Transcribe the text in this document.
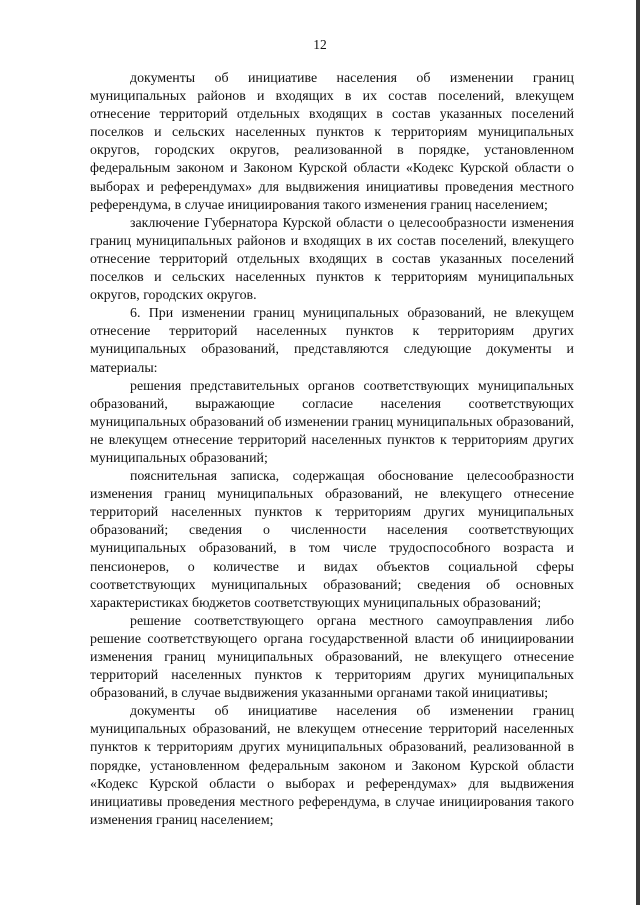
12

документы об инициативе населения об изменении границ муниципальных районов и входящих в их состав поселений, влекущем отнесение территорий отдельных входящих в состав указанных поселений поселков и сельских населенных пунктов к территориям муниципальных округов, городских округов, реализованной в порядке, установленном федеральным законом и Законом Курской области «Кодекс Курской области о выборах и референдумах» для выдвижения инициативы проведения местного референдума, в случае инициирования такого изменения границ населением;

заключение Губернатора Курской области о целесообразности изменения границ муниципальных районов и входящих в их состав поселений, влекущего отнесение территорий отдельных входящих в состав указанных поселений поселков и сельских населенных пунктов к территориям муниципальных округов, городских округов.

6. При изменении границ муниципальных образований, не влекущем отнесение территорий населенных пунктов к территориям других муниципальных образований, представляются следующие документы и материалы:

решения представительных органов соответствующих муниципальных образований, выражающие согласие населения соответствующих муниципальных образований об изменении границ муниципальных образований, не влекущем отнесение территорий населенных пунктов к территориям других муниципальных образований;

пояснительная записка, содержащая обоснование целесообразности изменения границ муниципальных образований, не влекущего отнесение территорий населенных пунктов к территориям других муниципальных образований; сведения о численности населения соответствующих муниципальных образований, в том числе трудоспособного возраста и пенсионеров, о количестве и видах объектов социальной сферы соответствующих муниципальных образований; сведения об основных характеристиках бюджетов соответствующих муниципальных образований;

решение соответствующего органа местного самоуправления либо решение соответствующего органа государственной власти об инициировании изменения границ муниципальных образований, не влекущего отнесение территорий населенных пунктов к территориям других муниципальных образований, в случае выдвижения указанными органами такой инициативы;

документы об инициативе населения об изменении границ муниципальных образований, не влекущем отнесение территорий населенных пунктов к территориям других муниципальных образований, реализованной в порядке, установленном федеральным законом и Законом Курской области «Кодекс Курской области о выборах и референдумах» для выдвижения инициативы проведения местного референдума, в случае инициирования такого изменения границ населением;
